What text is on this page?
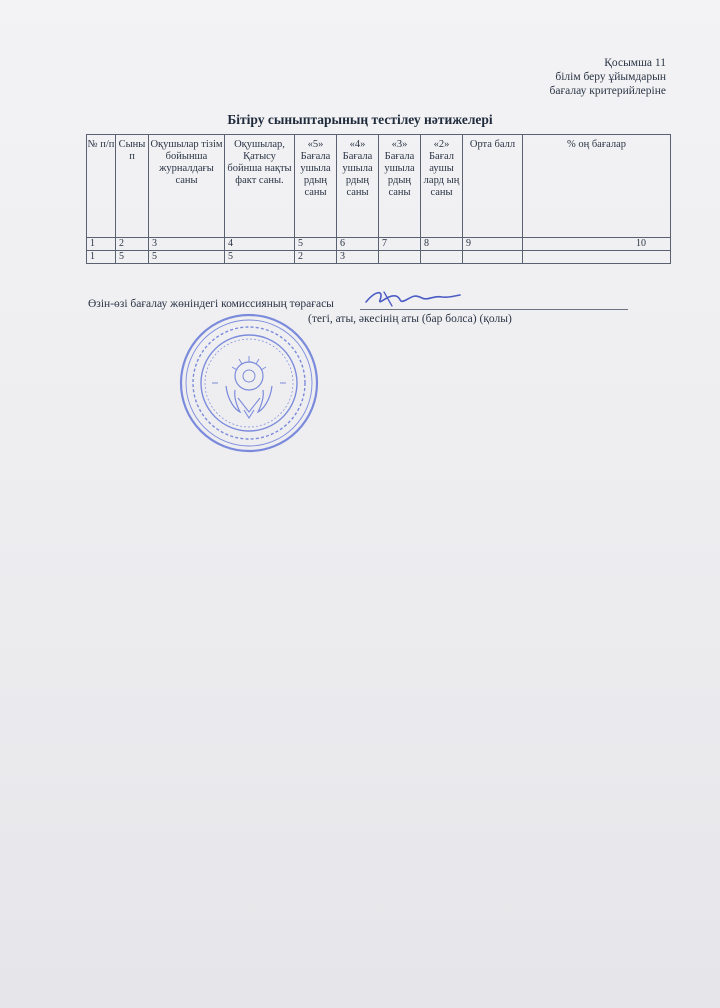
Қосымша 11
білім беру ұйымдарын
бағалау критерийлеріне
Бітіру сыныптарының тестілеу нәтижелері
№ п/п	Сыны п	Оқушылар тізім бойынша журналдағы саны	Оқушылар, Қатысу бойнша нақты факт саны.	«5» Бағала ушыла рдың саны	«4» Бағала ушыла рдың саны	«3» Бағала ушыла рдың саны	«2» Бағал аушы лард ың саны	Орта балл	% оң бағалар
1	2	3	4	5	6	7	8	9	10
1	5	5	5	2	3				
Өзін-өзі бағалау жөніндегі комиссияның төрағасы
(тегі, аты, әкесінің аты (бар болса) (қолы)
